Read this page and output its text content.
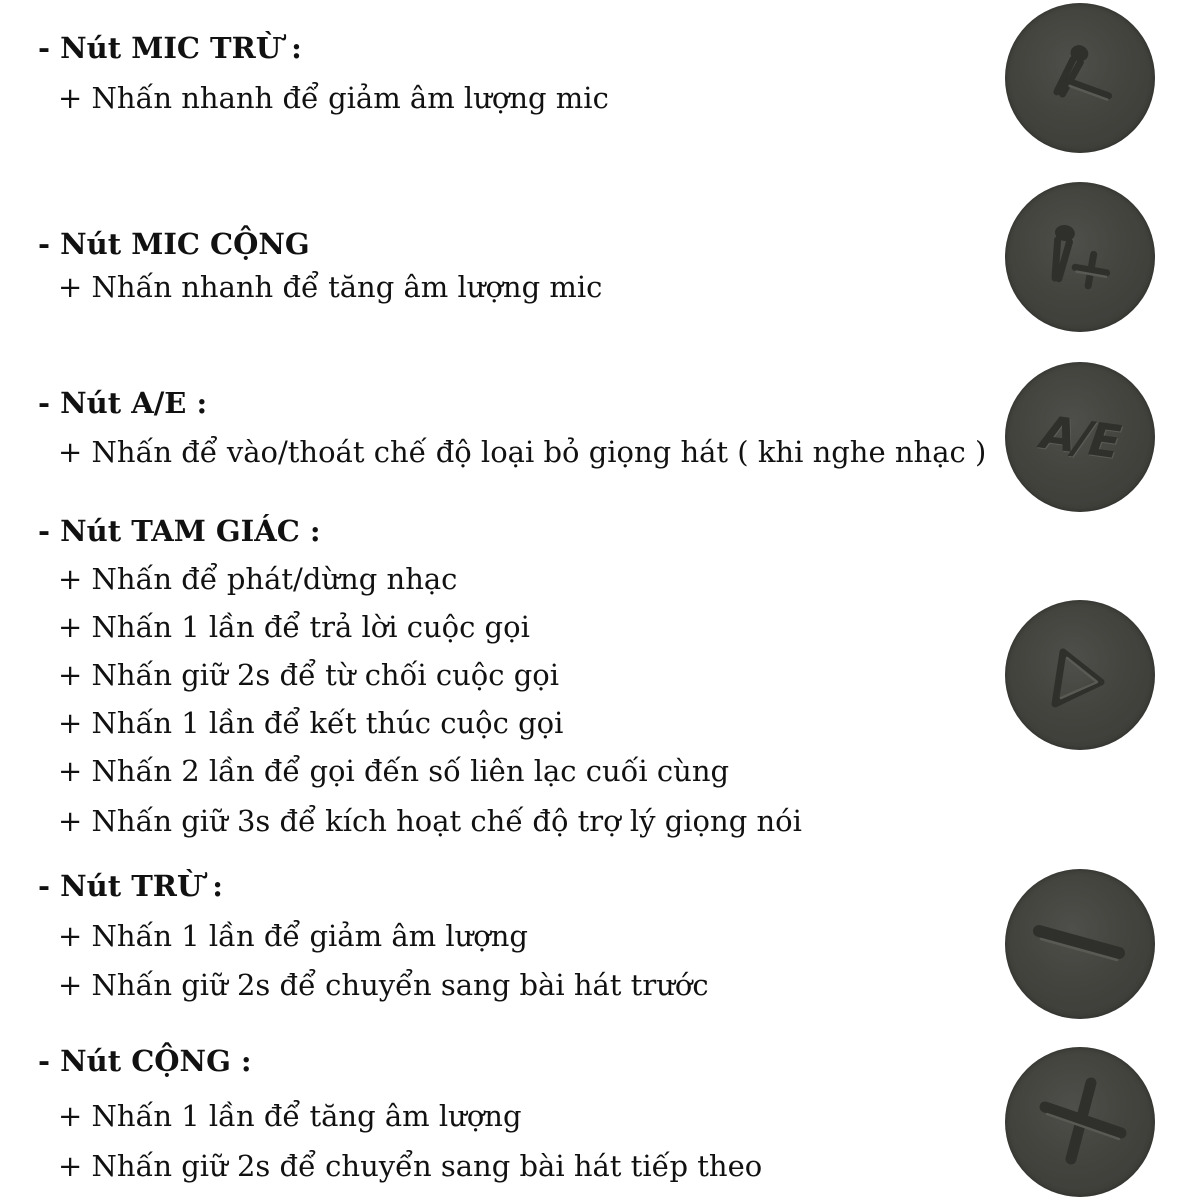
- Nút MIC TRỪ :
+ Nhấn nhanh để giảm âm lượng mic
- Nút MIC CỘNG
+ Nhấn nhanh để tăng âm lượng mic
- Nút A/E :
+ Nhấn để vào/thoát chế độ loại bỏ giọng hát ( khi nghe nhạc )
- Nút TAM GIÁC :
+ Nhấn để phát/dừng nhạc
+ Nhấn 1 lần để trả lời cuộc gọi
+ Nhấn giữ 2s để từ chối cuộc gọi
+ Nhấn 1 lần để kết thúc cuộc gọi
+ Nhấn 2 lần để gọi đến số liên lạc cuối cùng
+ Nhấn giữ 3s để kích hoạt chế độ trợ lý giọng nói
- Nút TRỪ :
+ Nhấn 1 lần để giảm âm lượng
+ Nhấn giữ 2s để chuyển sang bài hát trước
- Nút CỘNG :
+ Nhấn 1 lần để tăng âm lượng
+ Nhấn giữ 2s để chuyển sang bài hát tiếp theo
A/E
